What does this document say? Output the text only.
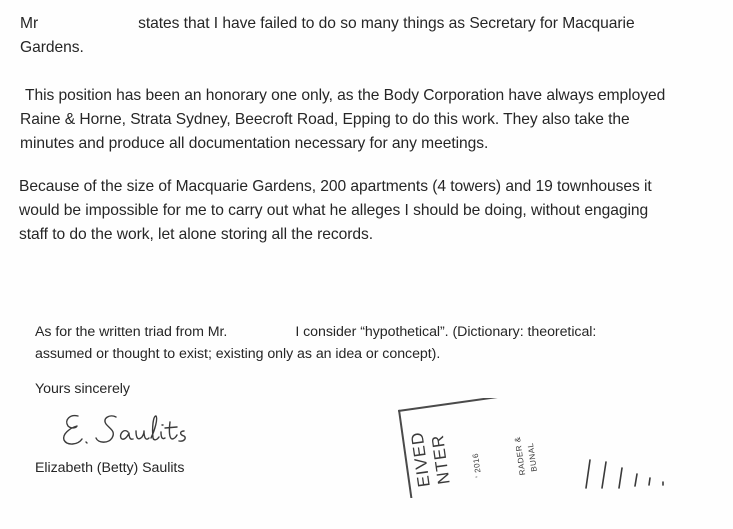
Mr	states that I have failed to do so many things as Secretary for Macquarie
Gardens.
This position has been an honorary one only, as the Body Corporation have always employed
Raine & Horne, Strata Sydney, Beecroft Road, Epping to do this work. They also take the
minutes and produce all documentation necessary for any meetings.
Because of the size of Macquarie Gardens, 200 apartments (4 towers) and 19 townhouses it
would be impossible for me to carry out what he alleges I should be doing, without engaging
staff to do the work, let alone storing all the records.
As for the written triad from Mr.	I consider “hypothetical”. (Dictionary: theoretical:
assumed or thought to exist; existing only as an idea or concept).
Yours sincerely
Elizabeth (Betty) Saulits	EIVED
NTER ' 2016	RADER &
BUNAL
